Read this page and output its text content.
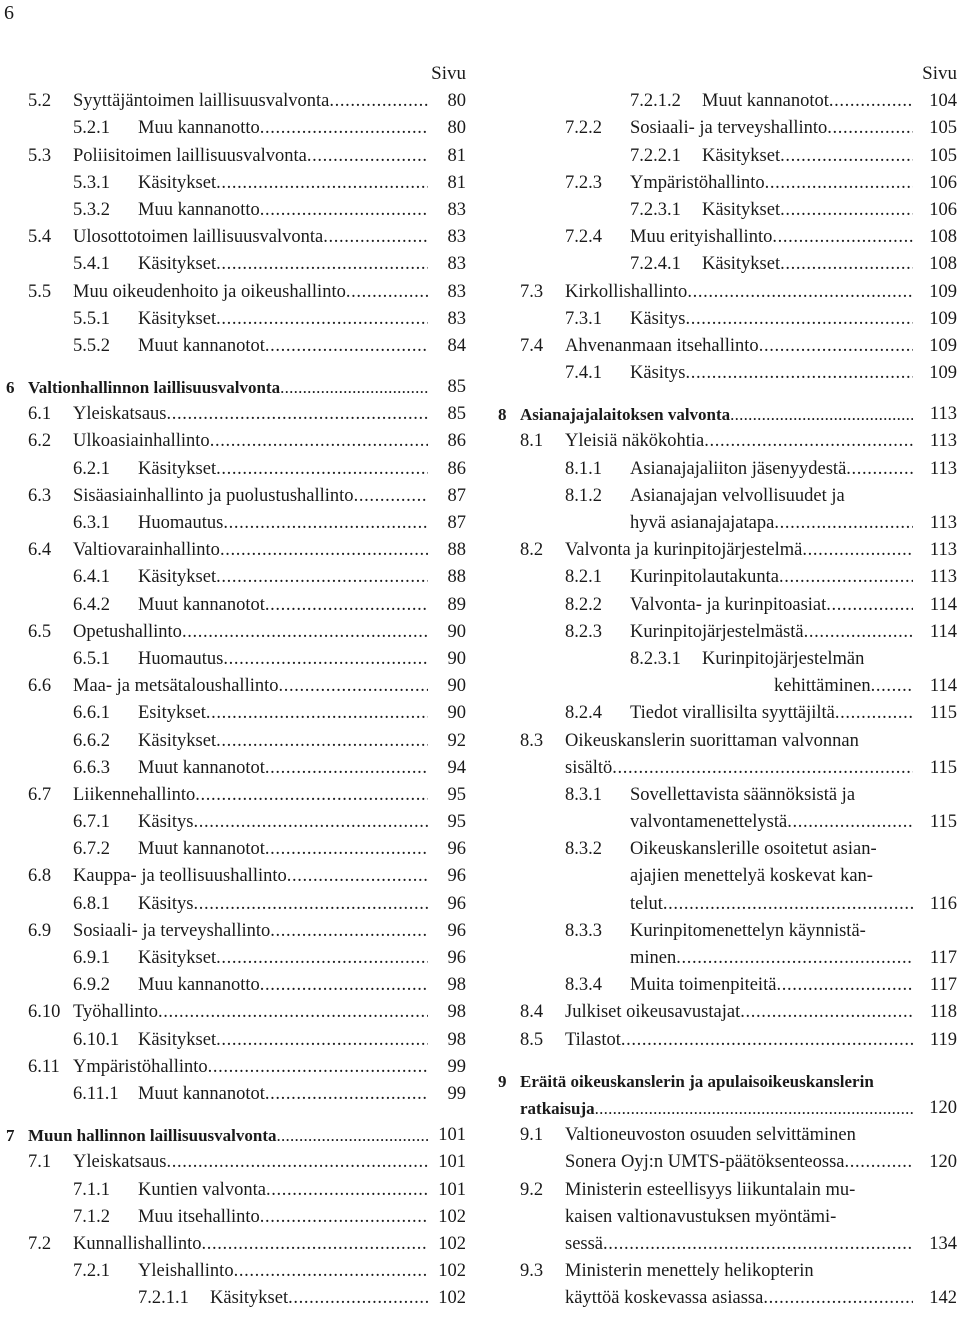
6
Sivu
5.2 Syyttäjäntoimen laillisuusvalvonta . . .	80
5.2.1 Muu kannanotto . . .	80
5.3 Poliisitoimen laillisuusvalvonta . . .	81
5.3.1 Käsitykset . . .	81
5.3.2 Muu kannanotto . . .	83
5.4 Ulosottotoimen laillisuusvalvonta . . .	83
5.4.1 Käsitykset . . .	83
5.5 Muu oikeudenhoito ja oikeushallinto . . .	83
5.5.1 Käsitykset . . .	83
5.5.2 Muut kannanotot . . .	84
6 Valtionhallinnon laillisuusvalvonta . . .	85
6.1 Yleiskatsaus . . .	85
6.2 Ulkoasiainhallinto . . .	86
6.2.1 Käsitykset . . .	86
6.3 Sisäasiainhallinto ja puolustushallinto . . .	87
6.3.1 Huomautus . . .	87
6.4 Valtiovarainhallinto . . .	88
6.4.1 Käsitykset . . .	88
6.4.2 Muut kannanotot . . .	89
6.5 Opetushallinto . . .	90
6.5.1 Huomautus . . .	90
6.6 Maa- ja metsätaloushallinto . . .	90
6.6.1 Esitykset . . .	90
6.6.2 Käsitykset . . .	92
6.6.3 Muut kannanotot . . .	94
6.7 Liikennehallinto . . .	95
6.7.1 Käsitys . . .	95
6.7.2 Muut kannanotot . . .	96
6.8 Kauppa- ja teollisuushallinto . . .	96
6.8.1 Käsitys . . .	96
6.9 Sosiaali- ja terveyshallinto . . .	96
6.9.1 Käsitykset . . .	96
6.9.2 Muu kannanotto . . .	98
6.10 Työhallinto . . .	98
6.10.1 Käsitykset . . .	98
6.11 Ympäristöhallinto . . .	99
6.11.1 Muut kannanotot . . .	99
7 Muun hallinnon laillisuusvalvonta . . .	101
7.1 Yleiskatsaus . . .	101
7.1.1 Kuntien valvonta . . .	101
7.1.2 Muu itsehallinto . . .	102
7.2 Kunnallishallinto . . .	102
7.2.1 Yleishallinto . . .	102
7.2.1.1 Käsitykset . . .	102
Sivu
7.2.1.2 Muut kannanotot . . .	104
7.2.2 Sosiaali- ja terveyshallinto . . .	105
7.2.2.1 Käsitykset . . .	105
7.2.3 Ympäristöhallinto . . .	106
7.2.3.1 Käsitykset . . .	106
7.2.4 Muu erityishallinto . . .	108
7.2.4.1 Käsitykset . . .	108
7.3 Kirkollishallinto . . .	109
7.3.1 Käsitys . . .	109
7.4 Ahvenanmaan itsehallinto . . .	109
7.4.1 Käsitys . . .	109
8 Asianajajalaitoksen valvonta . . .	113
8.1 Yleisiä näkökohtia . . .	113
8.1.1 Asianajajaliiton jäsenyydestä . . .	113
8.1.2 Asianajajan velvollisuudet ja
hyvä asianajajatapa . . .	113
8.2 Valvonta ja kurinpitojärjestelmä . . .	113
8.2.1 Kurinpitolautakunta . . .	113
8.2.2 Valvonta- ja kurinpitoasiat . . .	114
8.2.3 Kurinpitojärjestelmästä . . .	114
8.2.3.1 Kurinpitojärjestelmän
kehittäminen . . .	114
8.2.4 Tiedot virallisilta syyttäjiltä . . .	115
8.3 Oikeuskanslerin suorittaman valvonnan
sisältö . . .	115
8.3.1 Sovellettavista säännöksistä ja
valvontamenettelystä . . .	115
8.3.2 Oikeuskanslerille osoitetut asian-
ajajien menettelyä koskevat kan-
telut . . .	116
8.3.3 Kurinpitomenettelyn käynnistä-
minen . . .	117
8.3.4 Muita toimenpiteitä . . .	117
8.4 Julkiset oikeusavustajat . . .	118
8.5 Tilastot . . .	119
9 Eräitä oikeuskanslerin ja apulaisoikeuskanslerin
ratkaisuja . . .	120
9.1 Valtioneuvoston osuuden selvittäminen
Sonera Oyj:n UMTS-päätöksenteossa . . .	120
9.2 Ministerin esteellisyys liikuntalain mu-
kaisen valtionavustuksen myöntämi-
sessä . . .	134
9.3 Ministerin menettely helikopterin
käyttöä koskevassa asiassa . . .	142
